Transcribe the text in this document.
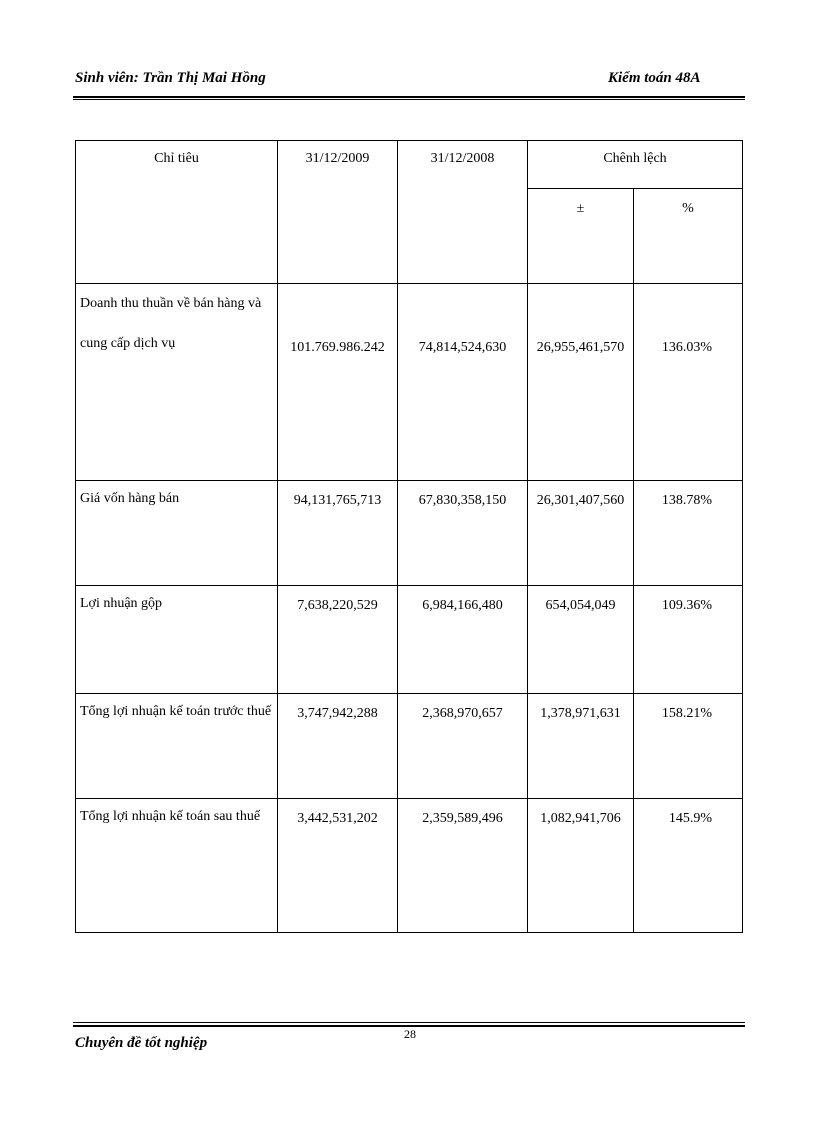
Sinh viên: Trần Thị Mai Hồng	Kiểm toán 48A
Chỉ tiêu	31/12/2009	31/12/2008	Chênh lệch	
			±	%
Doanh thu thuần về bán hàng và cung cấp dịch vụ	101.769.986.242	74,814,524,630	26,955,461,570	136.03%
Giá vốn hàng bán	94,131,765,713	67,830,358,150	26,301,407,560	138.78%
Lợi nhuận gộp	7,638,220,529	6,984,166,480	654,054,049	109.36%
Tổng lợi nhuận kế toán trước thuế	3,747,942,288	2,368,970,657	1,378,971,631	158.21%
Tổng lợi nhuận kế toán sau thuế	3,442,531,202	2,359,589,496	1,082,941,706	145.9%
28
Chuyên đề tốt nghiệp
